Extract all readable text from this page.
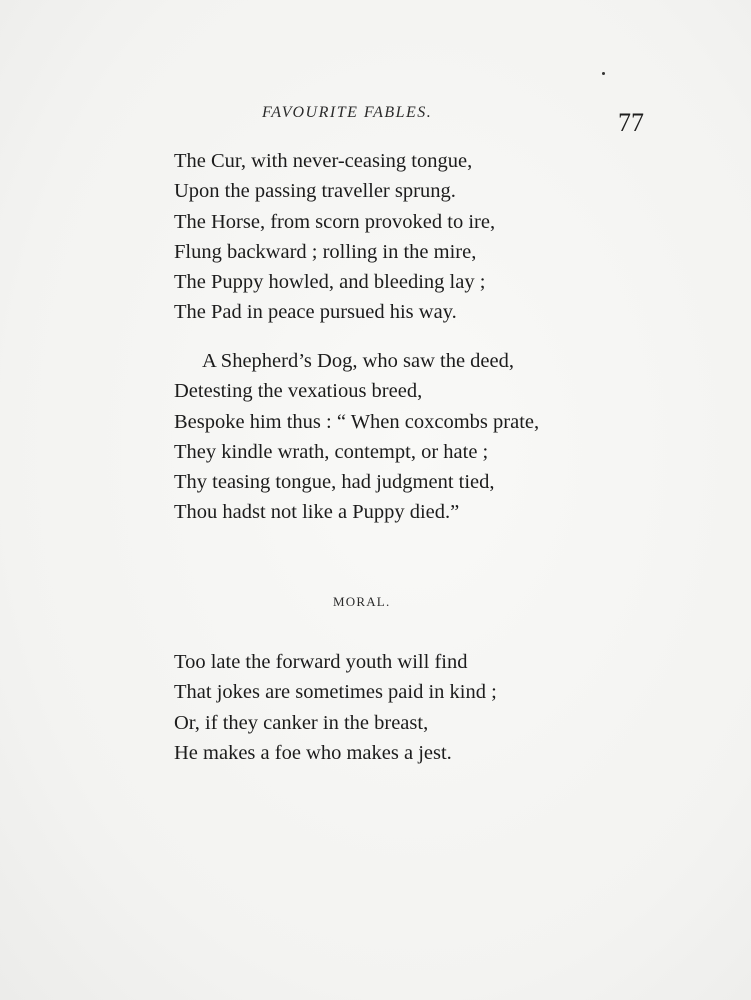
FAVOURITE FABLES.	77
The Cur, with never-ceasing tongue,
Upon the passing traveller sprung.
The Horse, from scorn provoked to ire,
Flung backward ; rolling in the mire,
The Puppy howled, and bleeding lay ;
The Pad in peace pursued his way.
A Shepherd’s Dog, who saw the deed,
Detesting the vexatious breed,
Bespoke him thus : “ When coxcombs prate,
They kindle wrath, contempt, or hate ;
Thy teasing tongue, had judgment tied,
Thou hadst not like a Puppy died.”
MORAL.
Too late the forward youth will find
That jokes are sometimes paid in kind ;
Or, if they canker in the breast,
He makes a foe who makes a jest.
